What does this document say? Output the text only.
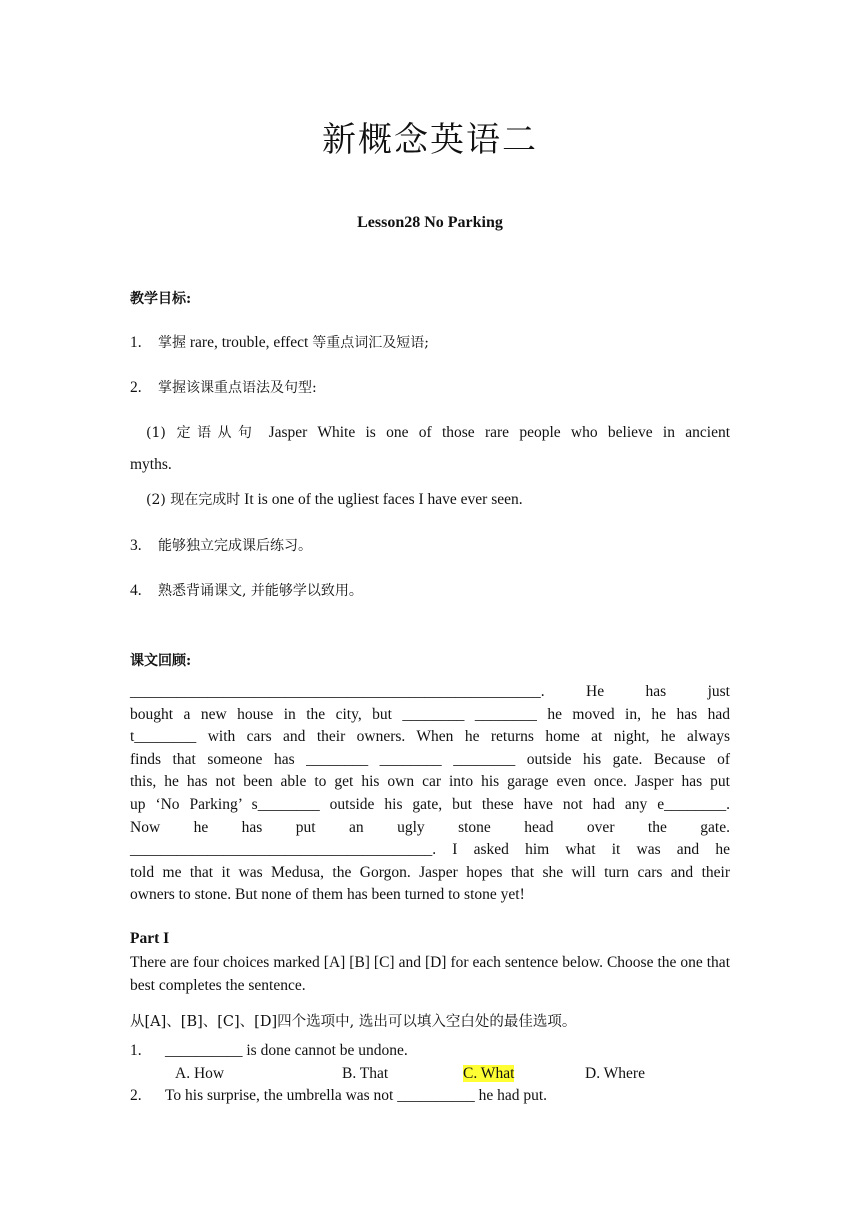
新概念英语二
Lesson28 No Parking
教学目标:
1. 掌握 rare, trouble, effect 等重点词汇及短语;
2. 掌握该课重点语法及句型:
(1) 定语从句 Jasper White is one of those rare people who believe in ancient
myths.
(2) 现在完成时 It is one of the ugliest faces I have ever seen.
3. 能够独立完成课后练习。
4. 熟悉背诵课文, 并能够学以致用。
课文回顾:

_____________________________________________________. He has just

bought a new house in the city, but ________ ________ he moved in, he has had

t________ with cars and their owners. When he returns home at night, he always

finds that someone has ________ ________ ________ outside his gate. Because of

this, he has not been able to get his own car into his garage even once. Jasper has put

up ‘No Parking’ s________ outside his gate, but these have not had any e________.

Now he has put an ugly stone head over the gate.

_______________________________________. I asked him what it was and he

told me that it was Medusa, the Gorgon. Jasper hopes that she will turn cars and their

owners to stone. But none of them has been turned to stone yet!

Part I
There are four choices marked [A] [B] [C] and [D] for each sentence below. Choose the one that best completes the sentence.
从[A]、[B]、[C]、[D]四个选项中, 选出可以填入空白处的最佳选项。
1. __________ is done cannot be undone.
A. How	B. That	C. What	D. Where
2. To his surprise, the umbrella was not __________ he had put.
